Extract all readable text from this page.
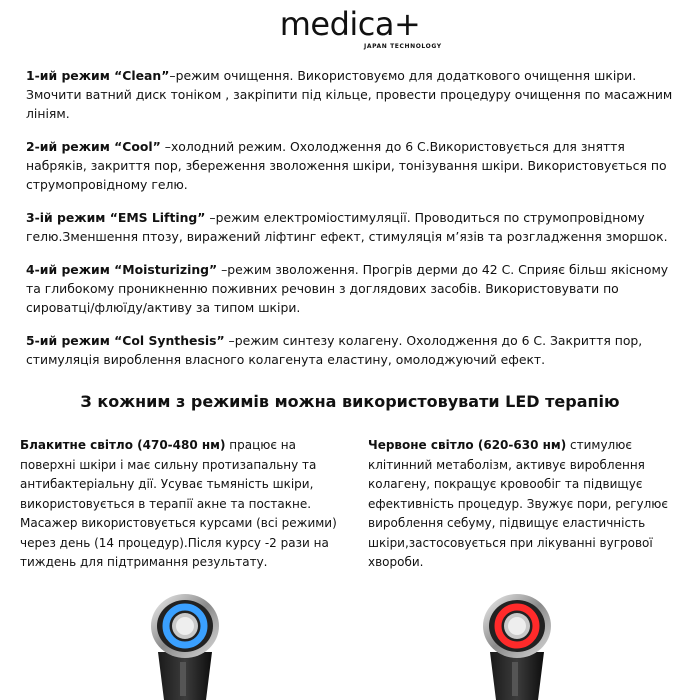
medica+
JAPAN TECHNOLOGY

1-ий режим “Clean”–режим очищення. Використовуємо для додаткового очищення шкіри. Змочити ватний диск тоніком , закріпити під кільце, провести процедуру очищення по масажним лініям.

2-ий режим “Cool” –холодний режим. Охолодження до 6 С.Використовується для зняття набряків, закриття пор, збереження зволоження шкіри, тонізування шкіри. Використовується по струмопровідному гелю.

3-ій режим “EMS Lifting” –режим електроміостимуляції. Проводиться по струмопровідному гелю.Зменшення птозу, виражений ліфтинг ефект, стимуляція м’язів та розгладження зморшок.

4-ий режим “Moisturizing” –режим зволоження. Прогрів дерми до 42 С. Сприяє більш якісному та глибокому проникненню поживних речовин з доглядових засобів. Використовувати по сироватці/флюїду/активу за типом шкіри.

5-ий режим “Col Synthesis” –режим синтезу колагену. Охолодження до 6 С. Закриття пор, стимуляція вироблення власного колагенута еластину, омолоджуючий ефект.

З кожним з режимів можна використовувати LED терапію
Блакитне світло (470-480 нм) працює на поверхні шкіри і має сильну протизапальну та антибактеріальну дії. Усуває тьмяність шкіри, використовується в терапії акне та постакне. Масажер використовується курсами (всі режими) через день (14 процедур).Після курсу -2 рази на тиждень для підтримання результату.
Червоне світло (620-630 нм) стимулює клітинний метаболізм, активує вироблення колагену, покращує кровообіг та підвищує ефективність процедур. Звужує пори, регулює вироблення себуму, підвищує еластичність шкіри,застосовується при лікуванні вугрової хвороби.
